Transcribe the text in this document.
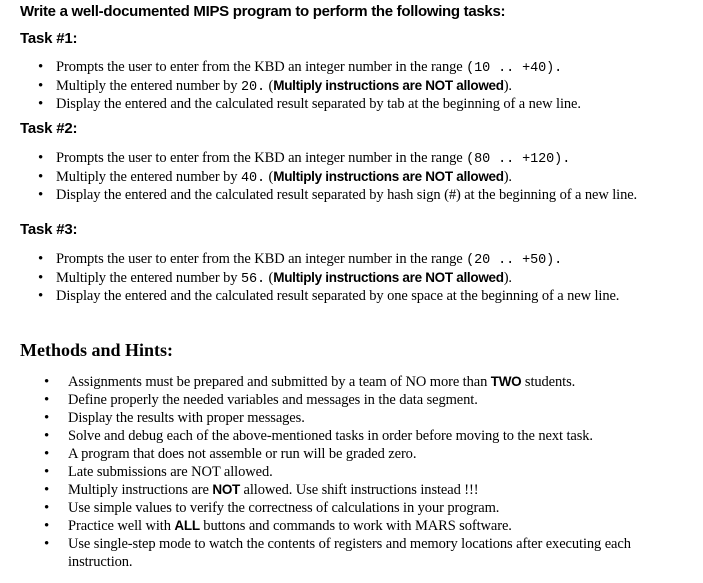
Write a well-documented MIPS program to perform the following tasks:
Task #1:
• Prompts the user to enter from the KBD an integer number in the range (10 .. +40).
• Multiply the entered number by 20. (Multiply instructions are NOT allowed).
• Display the entered and the calculated result separated by tab at the beginning of a new line.
Task #2:
• Prompts the user to enter from the KBD an integer number in the range (80 .. +120).
• Multiply the entered number by 40. (Multiply instructions are NOT allowed).
• Display the entered and the calculated result separated by hash sign (#) at the beginning of a new line.
Task #3:
• Prompts the user to enter from the KBD an integer number in the range (20 .. +50).
• Multiply the entered number by 56. (Multiply instructions are NOT allowed).
• Display the entered and the calculated result separated by one space at the beginning of a new line.
Methods and Hints:
• Assignments must be prepared and submitted by a team of NO more than TWO students.
• Define properly the needed variables and messages in the data segment.
• Display the results with proper messages.
• Solve and debug each of the above-mentioned tasks in order before moving to the next task.
• A program that does not assemble or run will be graded zero.
• Late submissions are NOT allowed.
• Multiply instructions are NOT allowed. Use shift instructions instead !!!
• Use simple values to verify the correctness of calculations in your program.
• Practice well with ALL buttons and commands to work with MARS software.
• Use single-step mode to watch the contents of registers and memory locations after executing each instruction.
